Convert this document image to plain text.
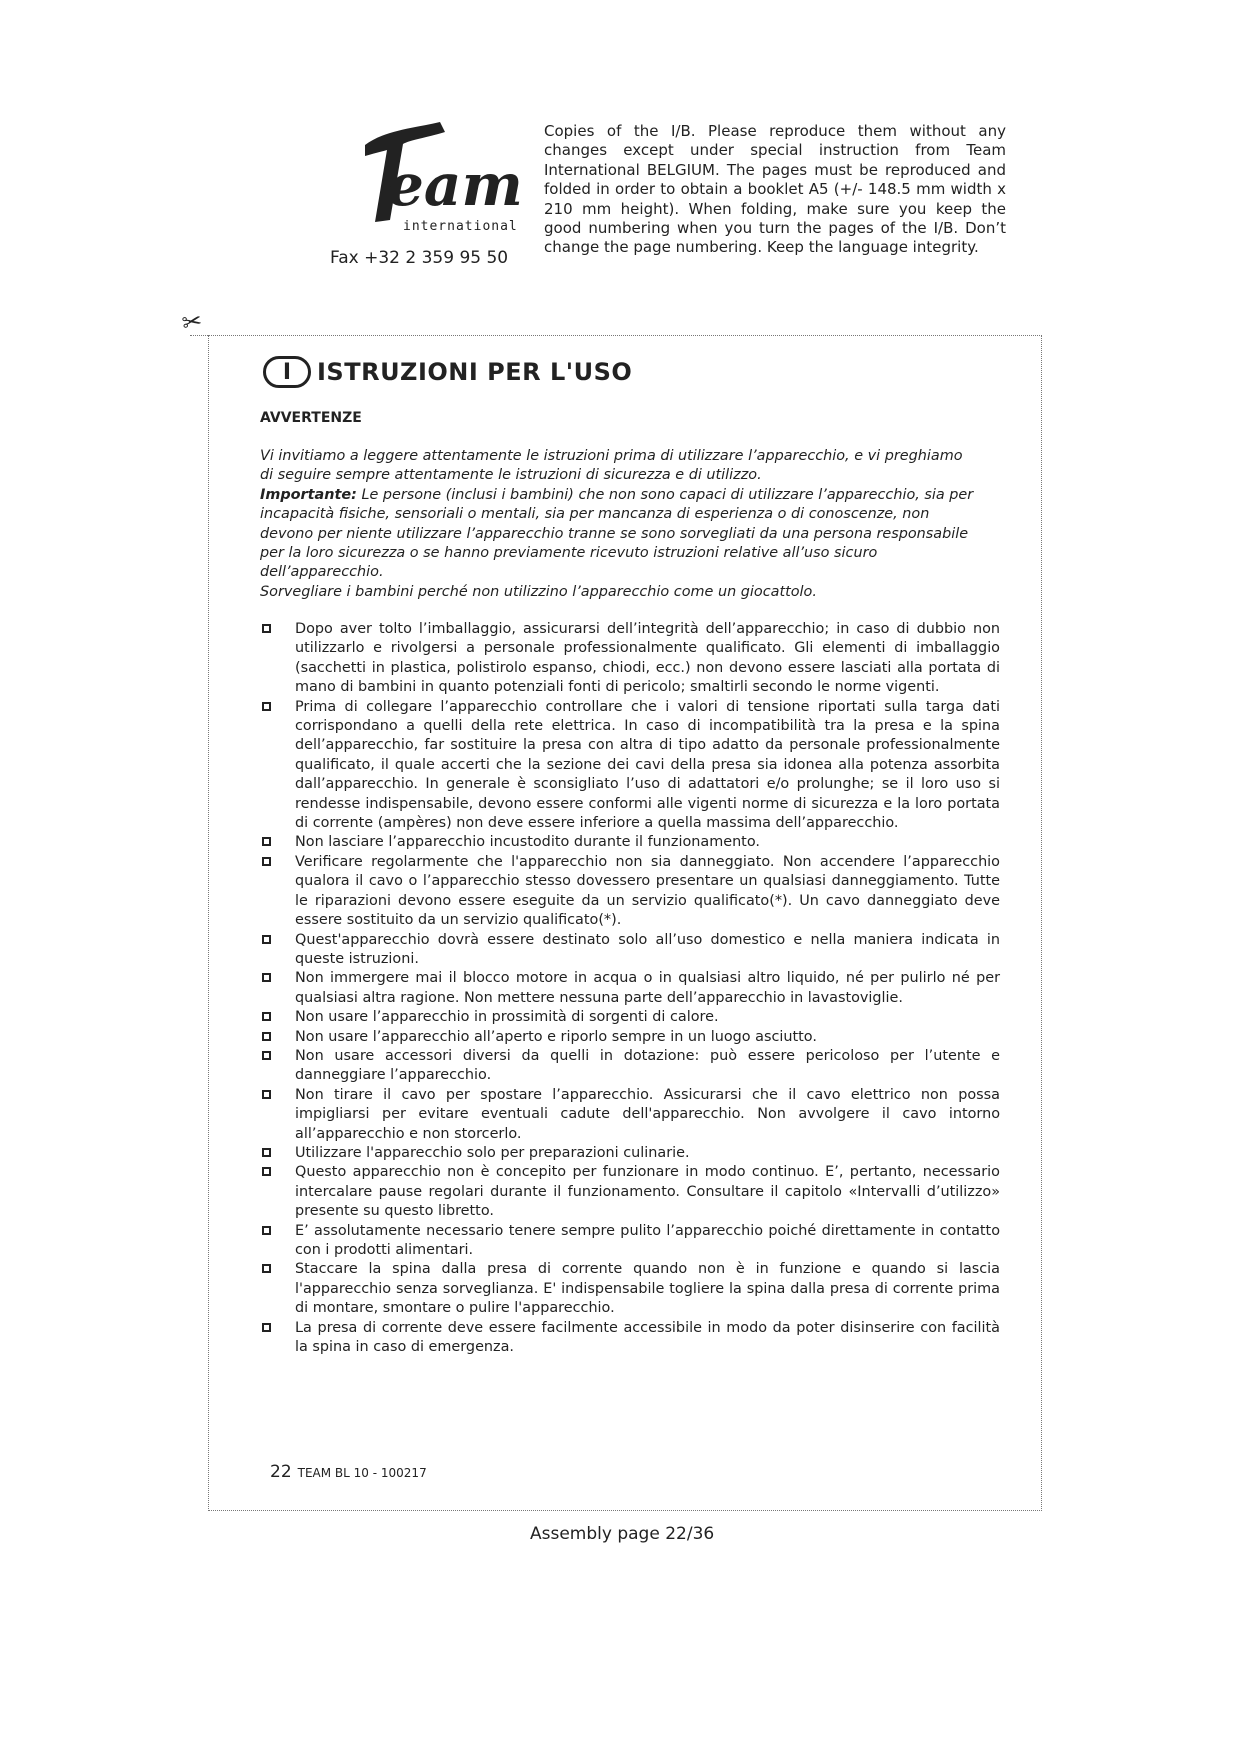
eam
international
Fax +32 2 359 95 50
Copies of the I/B. Please reproduce them without any changes except under special instruction from Team International BELGIUM. The pages must be reproduced and folded in order to obtain a booklet A5 (+/- 148.5 mm width x 210 mm height). When folding, make sure you keep the good numbering when you turn the pages of the I/B. Don’t change the page numbering. Keep the language integrity.
✂
I	ISTRUZIONI PER L'USO
AVVERTENZE

Vi invitiamo a leggere attentamente le istruzioni prima di utilizzare l’apparecchio, e vi preghiamo di seguire sempre attentamente le istruzioni di sicurezza e di utilizzo.

Importante: Le persone (inclusi i bambini) che non sono capaci di utilizzare l’apparecchio, sia per incapacità fisiche, sensoriali o mentali, sia per mancanza di esperienza o di conoscenze, non devono per niente utilizzare l’apparecchio tranne se sono sorvegliati da una persona responsabile per la loro sicurezza o se hanno previamente ricevuto istruzioni relative all’uso sicuro dell’apparecchio.

Sorvegliare i bambini perché non utilizzino l’apparecchio come un giocattolo.

Dopo aver tolto l’imballaggio, assicurarsi dell’integrità dell’apparecchio; in caso di dubbio non utilizzarlo e rivolgersi a personale professionalmente qualificato. Gli elementi di imballaggio (sacchetti in plastica, polistirolo espanso, chiodi, ecc.) non devono essere lasciati alla portata di mano di bambini in quanto potenziali fonti di pericolo; smaltirli secondo le norme vigenti.
Prima di collegare l’apparecchio controllare che i valori di tensione riportati sulla targa dati corrispondano a quelli della rete elettrica. In caso di incompatibilità tra la presa e la spina dell’apparecchio, far sostituire la presa con altra di tipo adatto da personale professionalmente qualificato, il quale accerti che la sezione dei cavi della presa sia idonea alla potenza assorbita dall’apparecchio. In generale è sconsigliato l’uso di adattatori e/o prolunghe; se il loro uso si rendesse indispensabile, devono essere conformi alle vigenti norme di sicurezza e la loro portata di corrente (ampères) non deve essere inferiore a quella massima dell’apparecchio.
Non lasciare l’apparecchio incustodito durante il funzionamento.
Verificare regolarmente che l'apparecchio non sia danneggiato. Non accendere l’apparecchio qualora il cavo o l’apparecchio stesso dovessero presentare un qualsiasi danneggiamento. Tutte le riparazioni devono essere eseguite da un servizio qualificato(*). Un cavo danneggiato deve essere sostituito da un servizio qualificato(*).
Quest'apparecchio dovrà essere destinato solo all’uso domestico e nella maniera indicata in queste istruzioni.
Non immergere mai il blocco motore in acqua o in qualsiasi altro liquido, né per pulirlo né per qualsiasi altra ragione. Non mettere nessuna parte dell’apparecchio in lavastoviglie.
Non usare l’apparecchio in prossimità di sorgenti di calore.
Non usare l’apparecchio all’aperto e riporlo sempre in un luogo asciutto.
Non usare accessori diversi da quelli in dotazione: può essere pericoloso per l’utente e danneggiare l’apparecchio.
Non tirare il cavo per spostare l’apparecchio. Assicurarsi che il cavo elettrico non possa impigliarsi per evitare eventuali cadute dell'apparecchio. Non avvolgere il cavo intorno all’apparecchio e non storcerlo.
Utilizzare l'apparecchio solo per preparazioni culinarie.
Questo apparecchio non è concepito per funzionare in modo continuo. E’, pertanto, necessario intercalare pause regolari durante il funzionamento. Consultare il capitolo «Intervalli d’utilizzo» presente su questo libretto.
E’ assolutamente necessario tenere sempre pulito l’apparecchio poiché direttamente in contatto con i prodotti alimentari.
Staccare la spina dalla presa di corrente quando non è in funzione e quando si lascia l'apparecchio senza sorveglianza. E' indispensabile togliere la spina dalla presa di corrente prima di montare, smontare o pulire l'apparecchio.
La presa di corrente deve essere facilmente accessibile in modo da poter disinserire con facilità la spina in caso di emergenza.
22 TEAM BL 10 - 100217
Assembly page 22/36
